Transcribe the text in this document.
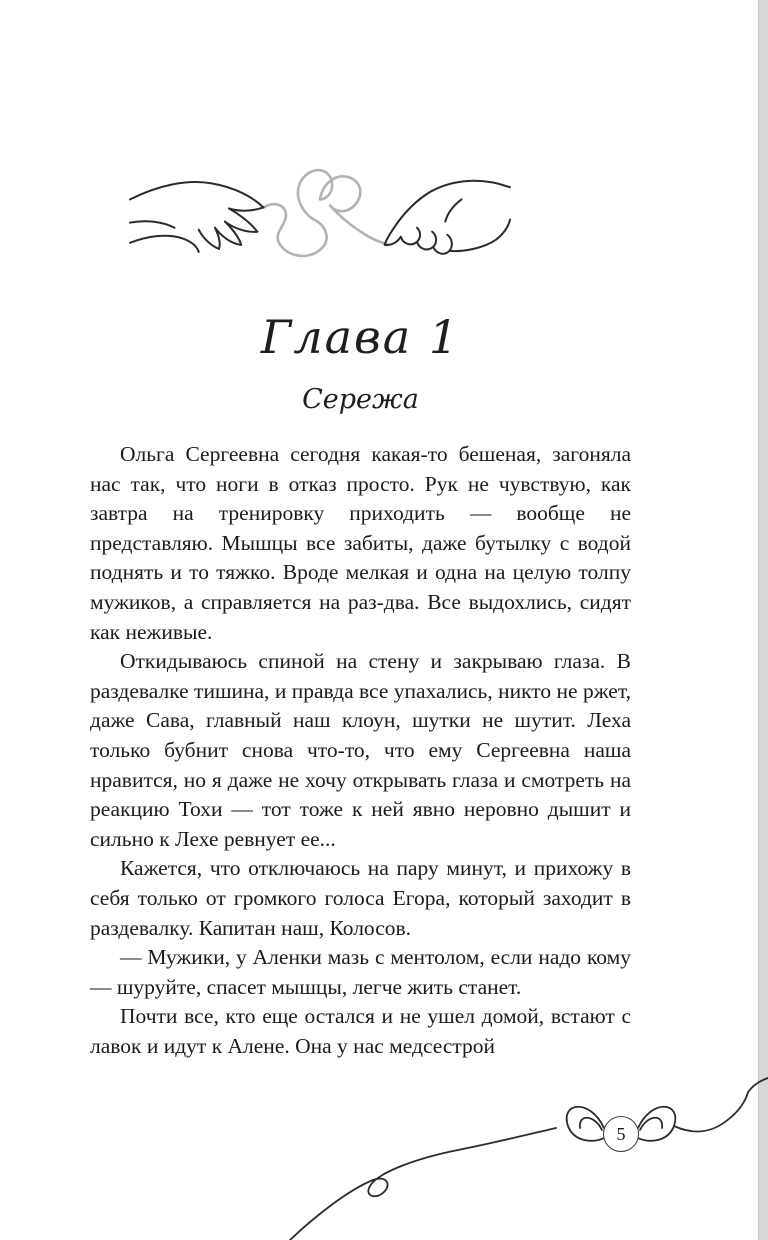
Глава 1
Сережа

Ольга Сергеевна сегодня какая-то бешеная, загоняла нас так, что ноги в отказ просто. Рук не чувствую, как завтра на тренировку приходить — вообще не представляю. Мышцы все забиты, даже бутылку с водой поднять и то тяжко. Вроде мелкая и одна на целую толпу мужиков, а справляется на раз-два. Все выдохлись, сидят как неживые.

Откидываюсь спиной на стену и закрываю глаза. В раздевалке тишина, и правда все упахались, никто не ржет, даже Сава, главный наш клоун, шутки не шутит. Леха только бубнит снова что-то, что ему Сергеевна наша нравится, но я даже не хочу открывать глаза и смотреть на реакцию Тохи — тот тоже к ней явно неровно дышит и сильно к Лехе ревнует ее...

Кажется, что отключаюсь на пару минут, и прихожу в себя только от громкого голоса Егора, который заходит в раздевалку. Капитан наш, Колосов.

— Мужики, у Аленки мазь с ментолом, если надо кому — шуруйте, спасет мышцы, легче жить станет.

Почти все, кто еще остался и не ушел домой, встают с лавок и идут к Алене. Она у нас медсестрой

5
